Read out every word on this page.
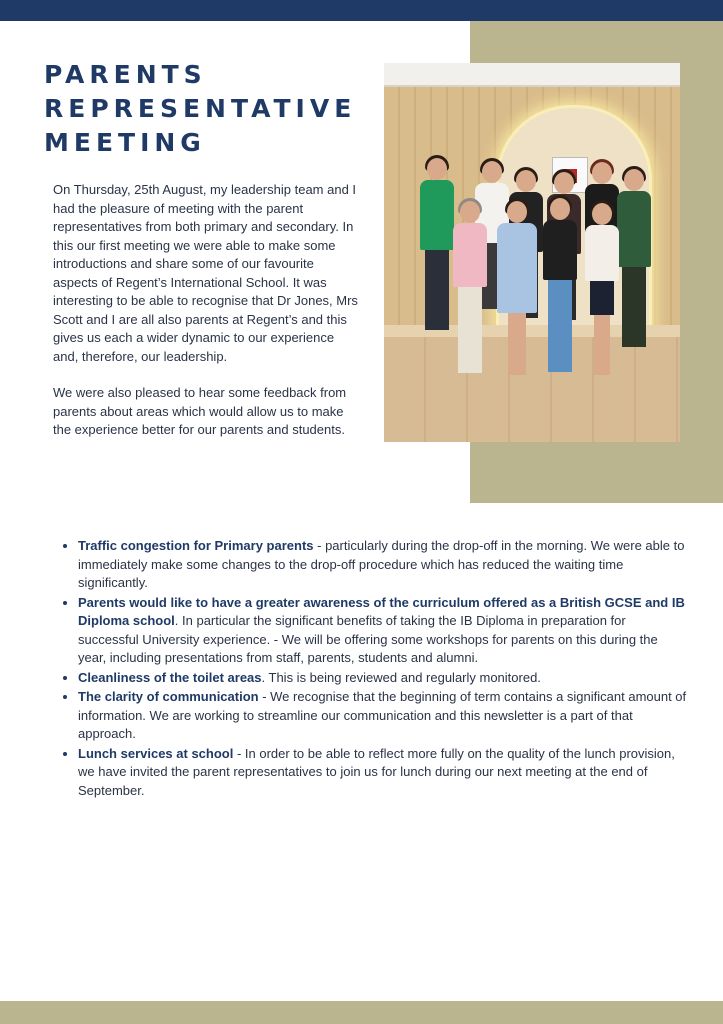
PARENTS
REPRESENTATIVE
MEETING

On Thursday, 25th August, my leadership team and I had the pleasure of meeting with the parent representatives from both primary and secondary. In this our first meeting we were able to make some introductions and share some of our favourite aspects of Regent’s International School. It was interesting to be able to recognise that Dr Jones, Mrs Scott and I are all also parents at Regent’s and this gives us each a wider dynamic to our experience and, therefore, our leadership.

We were also pleased to hear some feedback from parents about areas which would allow us to make the experience better for our parents and students.

• Traffic congestion for Primary parents - particularly during the drop-off in the morning. We were able to immediately make some changes to the drop-off procedure which has reduced the waiting time significantly.
• Parents would like to have a greater awareness of the curriculum offered as a British GCSE and IB Diploma school. In particular the significant benefits of taking the IB Diploma in preparation for successful University experience. - We will be offering some workshops for parents on this during the year, including presentations from staff, parents, students and alumni.
• Cleanliness of the toilet areas. This is being reviewed and regularly monitored.
• The clarity of communication - We recognise that the beginning of term contains a significant amount of information. We are working to streamline our communication and this newsletter is a part of that approach.
• Lunch services at school - In order to be able to reflect more fully on the quality of the lunch provision, we have invited the parent representatives to join us for lunch during our next meeting at the end of September.
